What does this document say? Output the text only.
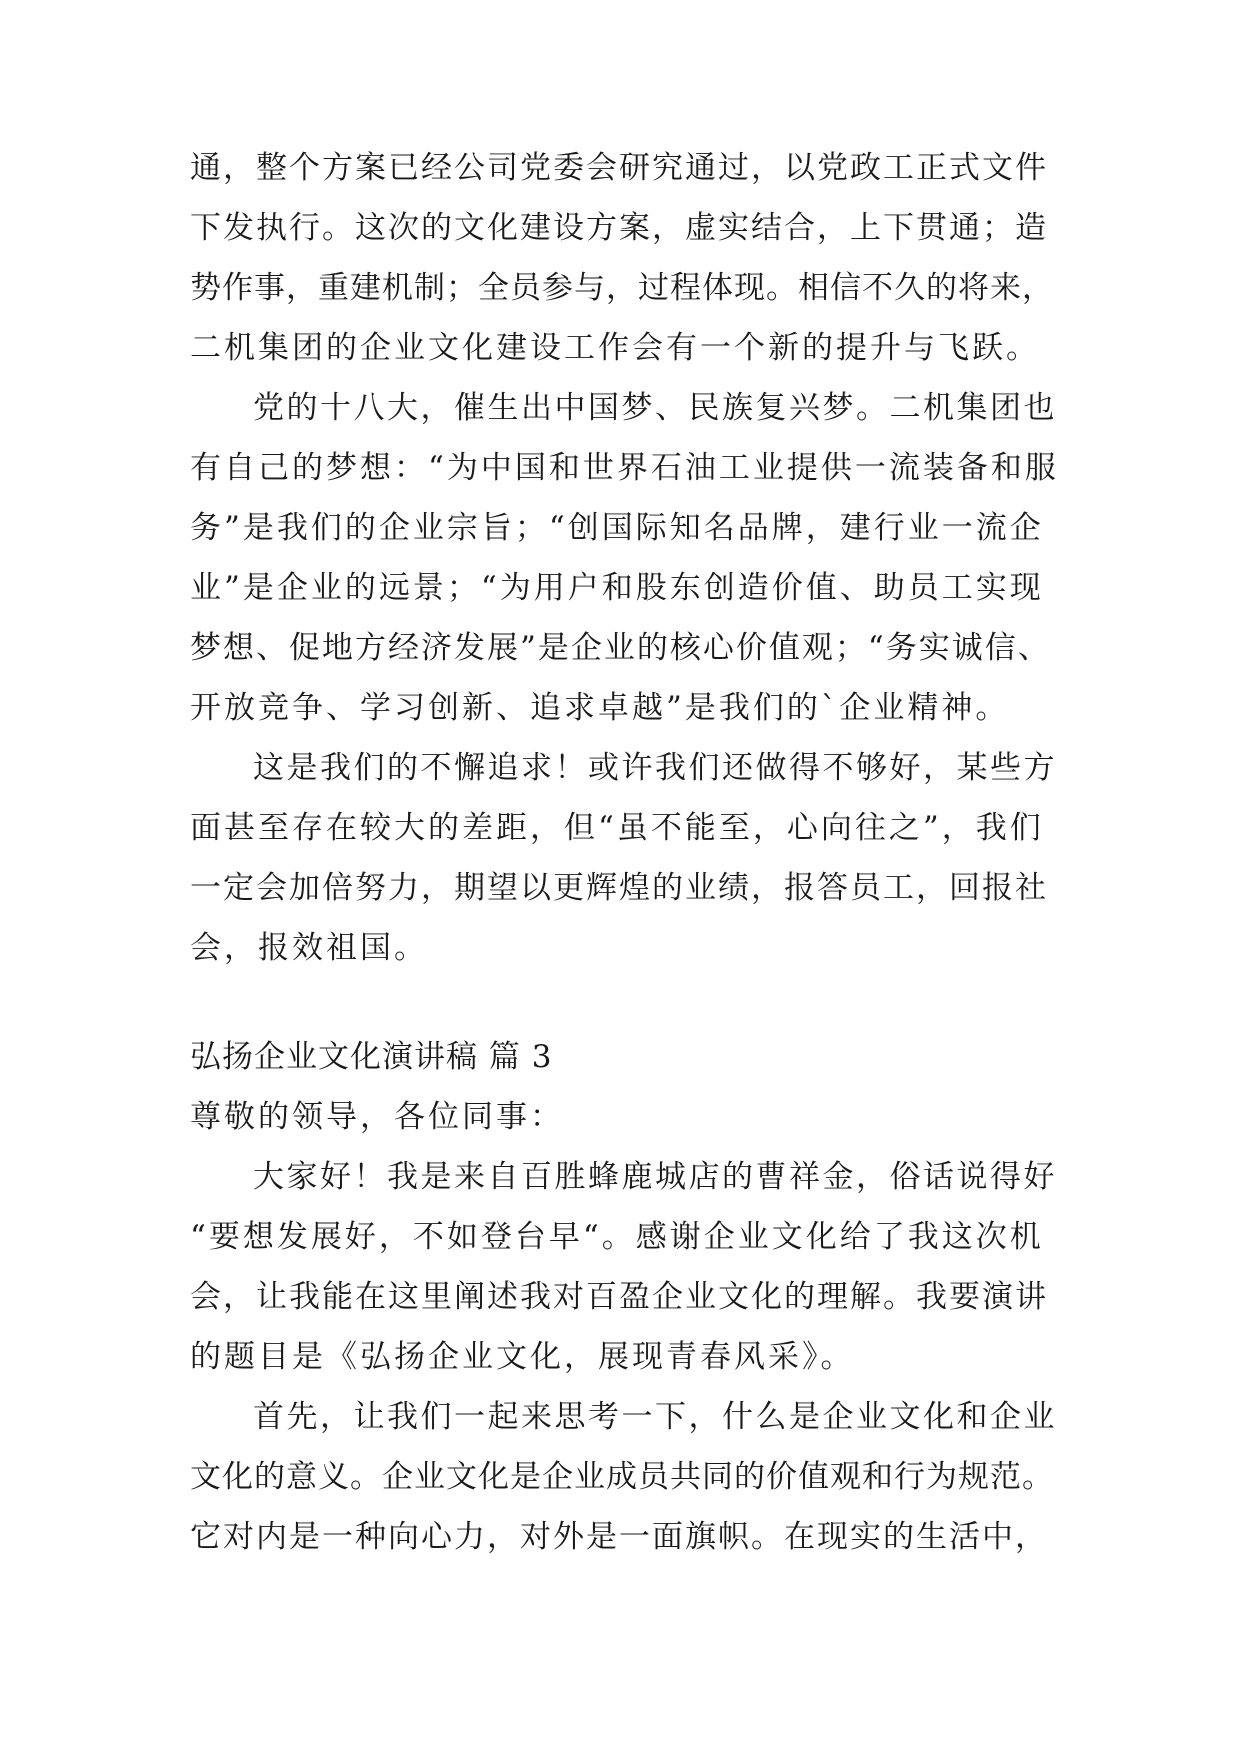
通，整个方案已经公司党委会研究通过，以党政工正式文件
下发执行。这次的文化建设方案，虚实结合，上下贯通；造
势作事，重建机制；全员参与，过程体现。相信不久的将来，
二机集团的企业文化建设工作会有一个新的提升与飞跃。
党的十八大，催生出中国梦、民族复兴梦。二机集团也
有自己的梦想：“为中国和世界石油工业提供一流装备和服
务”是我们的企业宗旨；“创国际知名品牌，建行业一流企
业”是企业的远景；“为用户和股东创造价值、助员工实现
梦想、促地方经济发展”是企业的核心价值观；“务实诚信、
开放竞争、学习创新、追求卓越”是我们的`企业精神。
这是我们的不懈追求！或许我们还做得不够好，某些方
面甚至存在较大的差距，但“虽不能至，心向往之”，我们
一定会加倍努力，期望以更辉煌的业绩，报答员工，回报社
会，报效祖国。
弘扬企业文化演讲稿 篇 3
尊敬的领导，各位同事：
大家好！我是来自百胜蜂鹿城店的曹祥金，俗话说得好
“要想发展好，不如登台早“。感谢企业文化给了我这次机
会，让我能在这里阐述我对百盈企业文化的理解。我要演讲
的题目是《弘扬企业文化，展现青春风采》。
首先，让我们一起来思考一下，什么是企业文化和企业
文化的意义。企业文化是企业成员共同的价值观和行为规范。
它对内是一种向心力，对外是一面旗帜。在现实的生活中，
